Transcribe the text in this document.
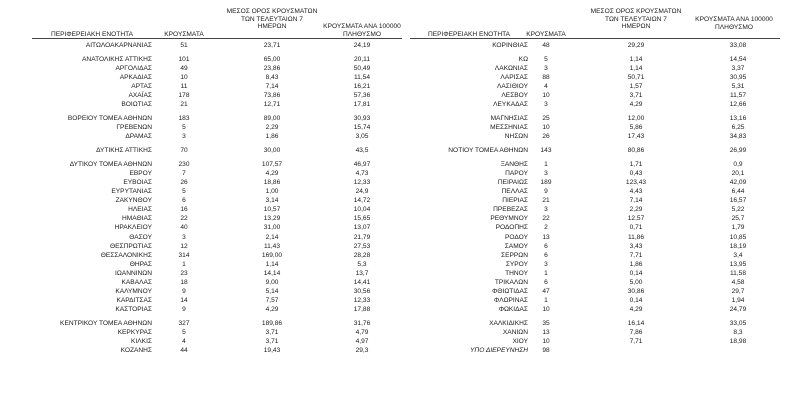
ΠΕΡΙΦΕΡΕΙΑΚΗ ΕΝΟΤΗΤΑ	ΚΡΟΥΣΜΑΤΑ
ΜΕΣΟΣ ΟΡΟΣ ΚΡΟΥΣΜΑΤΩΝ
ΤΩΝ ΤΕΛΕΥΤΑΙΩΝ 7
ΗΜΕΡΩΝ	ΚΡΟΥΣΜΑΤΑ ΑΝΑ 100000
ΠΛΗΘΥΣΜΟ
ΑΙΤΩΛΟΑΚΑΡΝΑΝΙΑΣ	51	23,71	24,19
ΑΝΑΤΟΛΙΚΗΣ ΑΤΤΙΚΗΣ	101	65,00	20,11
ΑΡΓΟΛΙΔΑΣ	49	23,86	50,49
ΑΡΚΑΔΙΑΣ	10	8,43	11,54
ΑΡΤΑΣ	11	7,14	16,21
ΑΧΑΪΑΣ	178	73,86	57,36
ΒΟΙΩΤΙΑΣ	21	12,71	17,81
ΒΟΡΕΙΟΥ ΤΟΜΕΑ ΑΘΗΝΩΝ	183	89,00	30,93
ΓΡΕΒΕΝΩΝ	5	2,29	15,74
ΔΡΑΜΑΣ	3	1,86	3,05
ΔΥΤΙΚΗΣ ΑΤΤΙΚΗΣ	70	30,00	43,5
ΔΥΤΙΚΟΥ ΤΟΜΕΑ ΑΘΗΝΩΝ	230	107,57	46,97
ΕΒΡΟΥ	7	4,29	4,73
ΕΥΒΟΙΑΣ	26	18,86	12,33
ΕΥΡΥΤΑΝΙΑΣ	5	1,00	24,9
ΖΑΚΥΝΘΟΥ	6	3,14	14,72
ΗΛΕΙΑΣ	16	10,57	10,04
ΗΜΑΘΙΑΣ	22	13,29	15,65
ΗΡΑΚΛΕΙΟΥ	40	31,00	13,07
ΘΑΣΟΥ	3	2,14	21,79
ΘΕΣΠΡΩΤΙΑΣ	12	11,43	27,53
ΘΕΣΣΑΛΟΝΙΚΗΣ	314	169,00	28,28
ΘΗΡΑΣ	1	1,14	5,3
ΙΩΑΝΝΙΝΩΝ	23	14,14	13,7
ΚΑΒΑΛΑΣ	18	9,00	14,41
ΚΑΛΥΜΝΟΥ	9	5,14	30,56
ΚΑΡΔΙΤΣΑΣ	14	7,57	12,33
ΚΑΣΤΟΡΙΑΣ	9	4,29	17,88
ΚΕΝΤΡΙΚΟΥ ΤΟΜΕΑ ΑΘΗΝΩΝ	327	189,86	31,76
ΚΕΡΚΥΡΑΣ	5	3,71	4,79
ΚΙΛΚΙΣ	4	3,71	4,97
ΚΟΖΑΝΗΣ	44	19,43	29,3
ΠΕΡΙΦΕΡΕΙΑΚΗ ΕΝΟΤΗΤΑ	ΚΡΟΥΣΜΑΤΑ
ΜΕΣΟΣ ΟΡΟΣ ΚΡΟΥΣΜΑΤΩΝ
ΤΩΝ ΤΕΛΕΥΤΑΙΩΝ 7
ΗΜΕΡΩΝ
ΚΡΟΥΣΜΑΤΑ ΑΝΑ 100000
ΠΛΗΘΥΣΜΟ
ΚΟΡΙΝΘΙΑΣ	48	29,29	33,08
ΚΩ	5	1,14	14,54
ΛΑΚΩΝΙΑΣ	3	1,14	3,37
ΛΑΡΙΣΑΣ	88	50,71	30,95
ΛΑΣΙΘΙΟΥ	4	1,57	5,31
ΛΕΣΒΟΥ	10	3,71	11,57
ΛΕΥΚΑΔΑΣ	3	4,29	12,66
ΜΑΓΝΗΣΙΑΣ	25	12,00	13,16
ΜΕΣΣΗΝΙΑΣ	10	5,86	6,25
ΝΗΣΩΝ	26	17,43	34,83
ΝΟΤΙΟΥ ΤΟΜΕΑ ΑΘΗΝΩΝ	143	80,86	26,99
ΞΑΝΘΗΣ	1	1,71	0,9
ΠΑΡΟΥ	3	0,43	20,1
ΠΕΙΡΑΙΩΣ	189	123,43	42,09
ΠΕΛΛΑΣ	9	4,43	6,44
ΠΙΕΡΙΑΣ	21	7,14	16,57
ΠΡΕΒΕΖΑΣ	3	2,29	5,22
ΡΕΘΥΜΝΟΥ	22	12,57	25,7
ΡΟΔΟΠΗΣ	2	0,71	1,79
ΡΟΔΟΥ	13	11,86	10,85
ΣΑΜΟΥ	6	3,43	18,19
ΣΕΡΡΩΝ	6	7,71	3,4
ΣΥΡΟΥ	3	1,86	13,95
ΤΗΝΟΥ	1	0,14	11,58
ΤΡΙΚΑΛΩΝ	6	5,00	4,58
ΦΘΙΩΤΙΔΑΣ	47	30,86	29,7
ΦΛΩΡΙΝΑΣ	1	0,14	1,94
ΦΩΚΙΔΑΣ	10	4,29	24,79
ΧΑΛΚΙΔΙΚΗΣ	35	16,14	33,05
ΧΑΝΙΩΝ	13	7,86	8,3
ΧΙΟΥ	10	7,71	18,98
ΥΠΟ ΔΙΕΡΕΥΝΗΣΗ	98
